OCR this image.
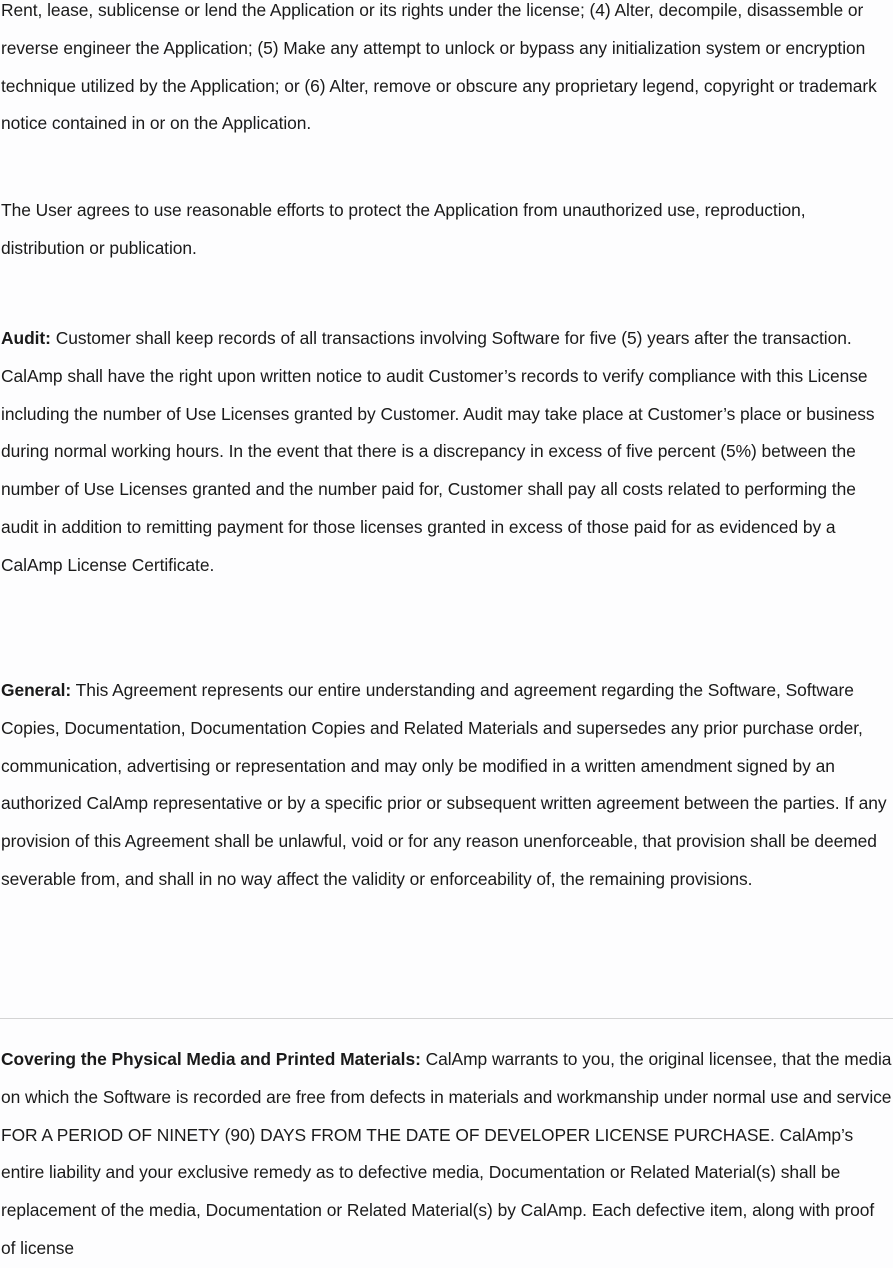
Rent, lease, sublicense or lend the Application or its rights under the license; (4) Alter, decompile, disassemble or reverse engineer the Application; (5) Make any attempt to unlock or bypass any initialization system or encryption technique utilized by the Application; or (6) Alter, remove or obscure any proprietary legend, copyright or trademark notice contained in or on the Application.

The User agrees to use reasonable efforts to protect the Application from unauthorized use, reproduction, distribution or publication.

Audit: Customer shall keep records of all transactions involving Software for five (5) years after the transaction. CalAmp shall have the right upon written notice to audit Customer’s records to verify compliance with this License including the number of Use Licenses granted by Customer. Audit may take place at Customer’s place or business during normal working hours. In the event that there is a discrepancy in excess of five percent (5%) between the number of Use Licenses granted and the number paid for, Customer shall pay all costs related to performing the audit in addition to remitting payment for those licenses granted in excess of those paid for as evidenced by a CalAmp License Certificate.

General: This Agreement represents our entire understanding and agreement regarding the Software, Software Copies, Documentation, Documentation Copies and Related Materials and supersedes any prior purchase order, communication, advertising or representation and may only be modified in a written amendment signed by an authorized CalAmp representative or by a specific prior or subsequent written agreement between the parties. If any provision of this Agreement shall be unlawful, void or for any reason unenforceable, that provision shall be deemed severable from, and shall in no way affect the validity or enforceability of, the remaining provisions.

Covering the Physical Media and Printed Materials: CalAmp warrants to you, the original licensee, that the media on which the Software is recorded are free from defects in materials and workmanship under normal use and service FOR A PERIOD OF NINETY (90) DAYS FROM THE DATE OF DEVELOPER LICENSE PURCHASE. CalAmp’s entire liability and your exclusive remedy as to defective media, Documentation or Related Material(s) shall be replacement of the media, Documentation or Related Material(s) by CalAmp. Each defective item, along with proof of license
